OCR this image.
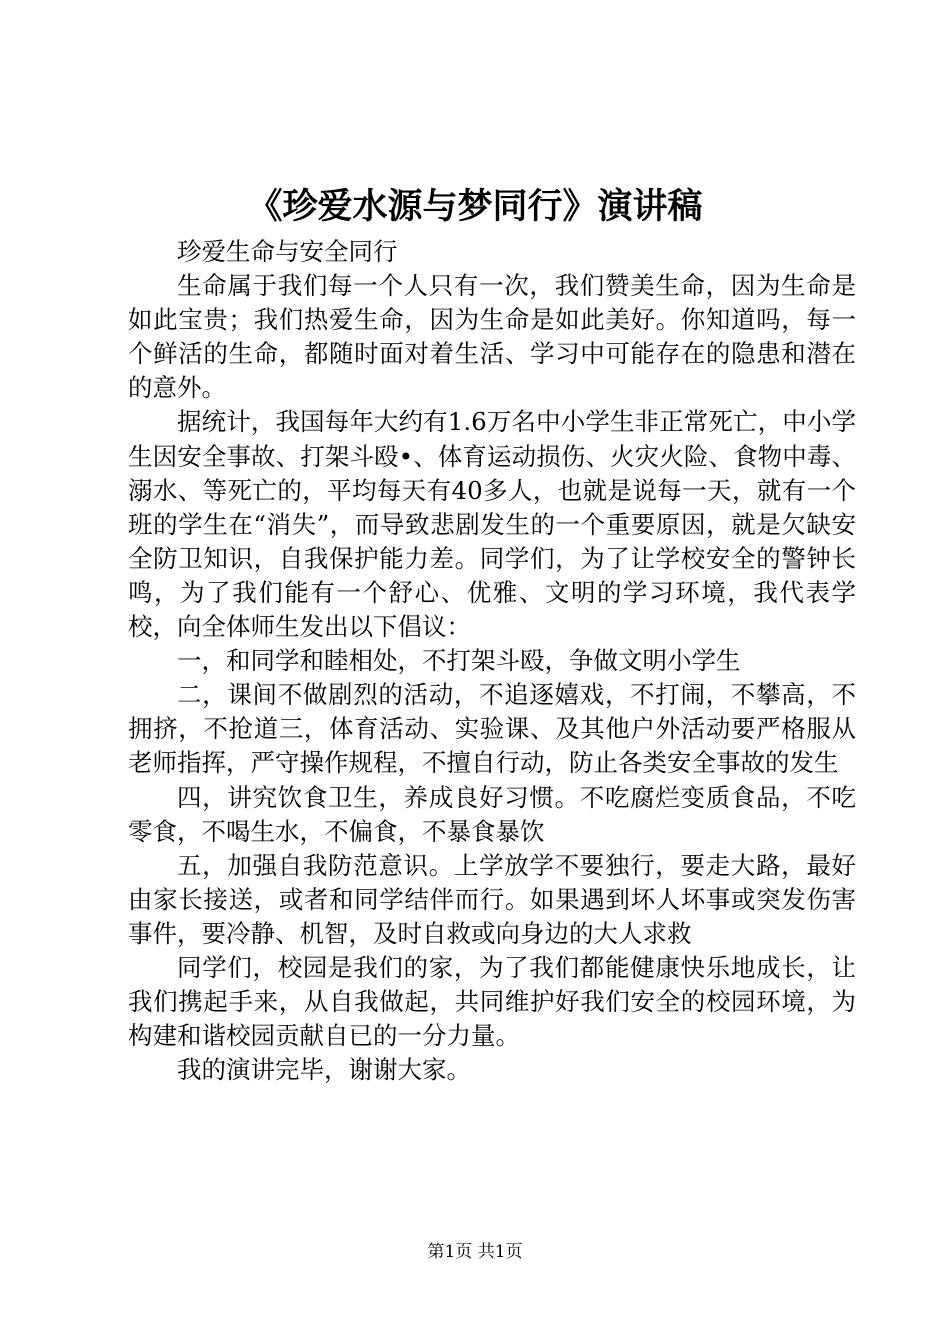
《珍爱水源与梦同行》演讲稿

珍爱生命与安全同行

生命属于我们每一个人只有一次，我们赞美生命，因为生命是如此宝贵；我们热爱生命，因为生命是如此美好。你知道吗，每一个鲜活的生命，都随时面对着生活、学习中可能存在的隐患和潜在的意外。

据统计，我国每年大约有1.6万名中小学生非正常死亡，中小学生因安全事故、打架斗殴•、体育运动损伤、火灾火险、食物中毒、溺水、等死亡的，平均每天有40多人，也就是说每一天，就有一个班的学生在“消失”，而导致悲剧发生的一个重要原因，就是欠缺安全防卫知识，自我保护能力差。同学们，为了让学校安全的警钟长鸣，为了我们能有一个舒心、优雅、文明的学习环境，我代表学校，向全体师生发出以下倡议：

一，和同学和睦相处，不打架斗殴，争做文明小学生

二，课间不做剧烈的活动，不追逐嬉戏，不打闹，不攀高，不拥挤，不抢道三，体育活动、实验课、及其他户外活动要严格服从老师指挥，严守操作规程，不擅自行动，防止各类安全事故的发生

四，讲究饮食卫生，养成良好习惯。不吃腐烂变质食品，不吃零食，不喝生水，不偏食，不暴食暴饮

五，加强自我防范意识。上学放学不要独行，要走大路，最好由家长接送，或者和同学结伴而行。如果遇到坏人坏事或突发伤害事件，要冷静、机智，及时自救或向身边的大人求救

同学们，校园是我们的家，为了我们都能健康快乐地成长，让我们携起手来，从自我做起，共同维护好我们安全的校园环境，为构建和谐校园贡献自已的一分力量。

我的演讲完毕，谢谢大家。

第1页 共1页
